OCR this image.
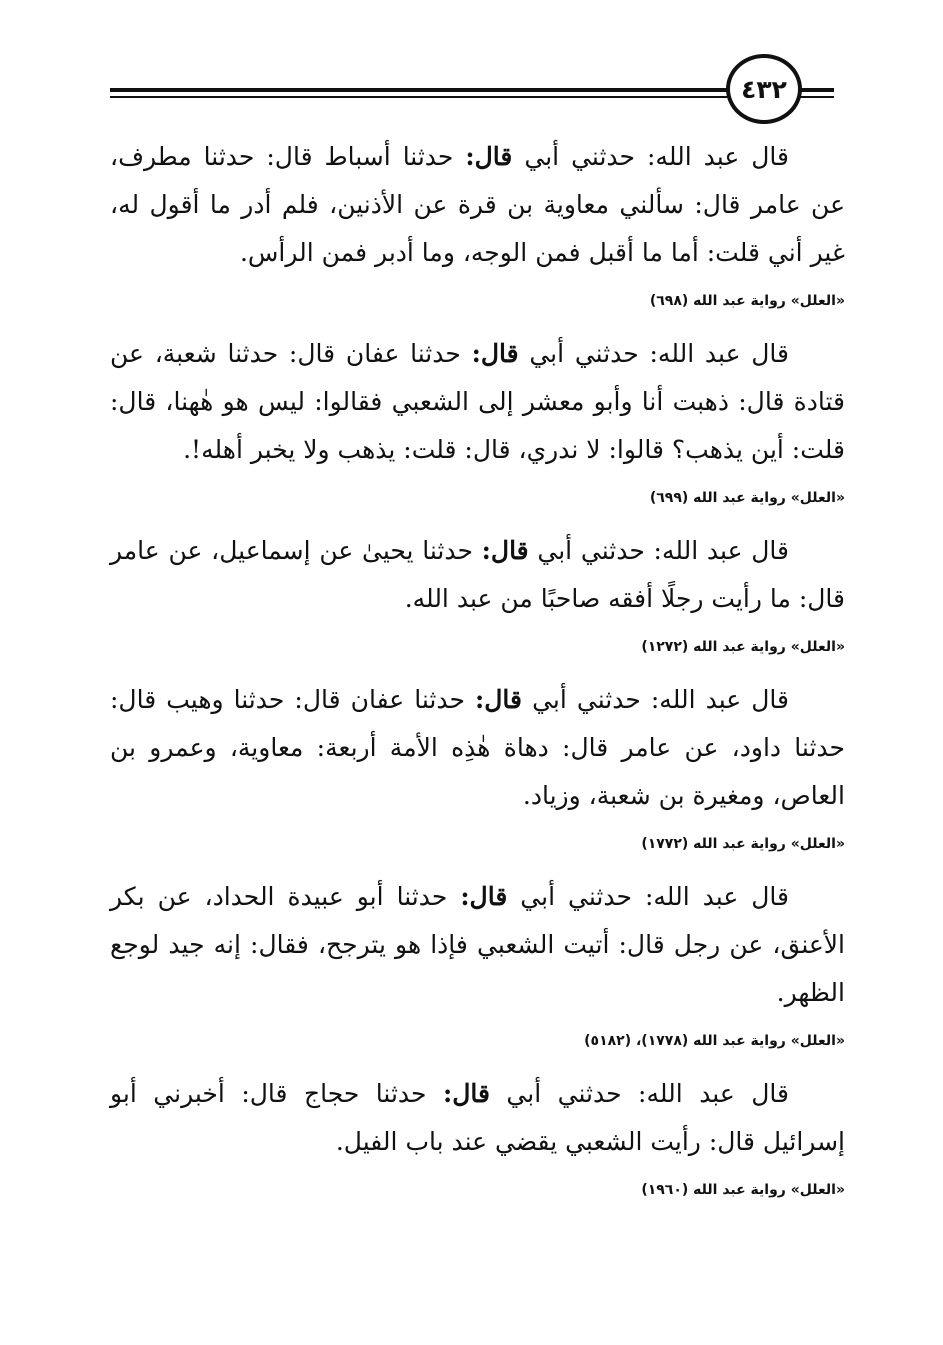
٤٣٢

قال عبد الله: حدثني أبي قال: حدثنا أسباط قال: حدثنا مطرف، عن عامر قال: سألني معاوية بن قرة عن الأذنين، فلم أدر ما أقول له، غير أني قلت: أما ما أقبل فمن الوجه، وما أدبر فمن الرأس.

«العلل» رواية عبد الله (٦٩٨)

قال عبد الله: حدثني أبي قال: حدثنا عفان قال: حدثنا شعبة، عن قتادة قال: ذهبت أنا وأبو معشر إلى الشعبي فقالوا: ليس هو هٰهنا، قال: قلت: أين يذهب؟ قالوا: لا ندري، قال: قلت: يذهب ولا يخبر أهله!.

«العلل» رواية عبد الله (٦٩٩)

قال عبد الله: حدثني أبي قال: حدثنا يحيىٰ عن إسماعيل، عن عامر قال: ما رأيت رجلًا أفقه صاحبًا من عبد الله.

«العلل» رواية عبد الله (١٢٧٢)

قال عبد الله: حدثني أبي قال: حدثنا عفان قال: حدثنا وهيب قال: حدثنا داود، عن عامر قال: دهاة هٰذِه الأمة أربعة: معاوية، وعمرو بن العاص، ومغيرة بن شعبة، وزياد.

«العلل» رواية عبد الله (١٧٧٢)

قال عبد الله: حدثني أبي قال: حدثنا أبو عبيدة الحداد، عن بكر الأعنق، عن رجل قال: أتيت الشعبي فإذا هو يترجح، فقال: إنه جيد لوجع الظهر.

«العلل» رواية عبد الله (١٧٧٨)، (٥١٨٢)

قال عبد الله: حدثني أبي قال: حدثنا حجاج قال: أخبرني أبو إسرائيل قال: رأيت الشعبي يقضي عند باب الفيل.

«العلل» رواية عبد الله (١٩٦٠)
